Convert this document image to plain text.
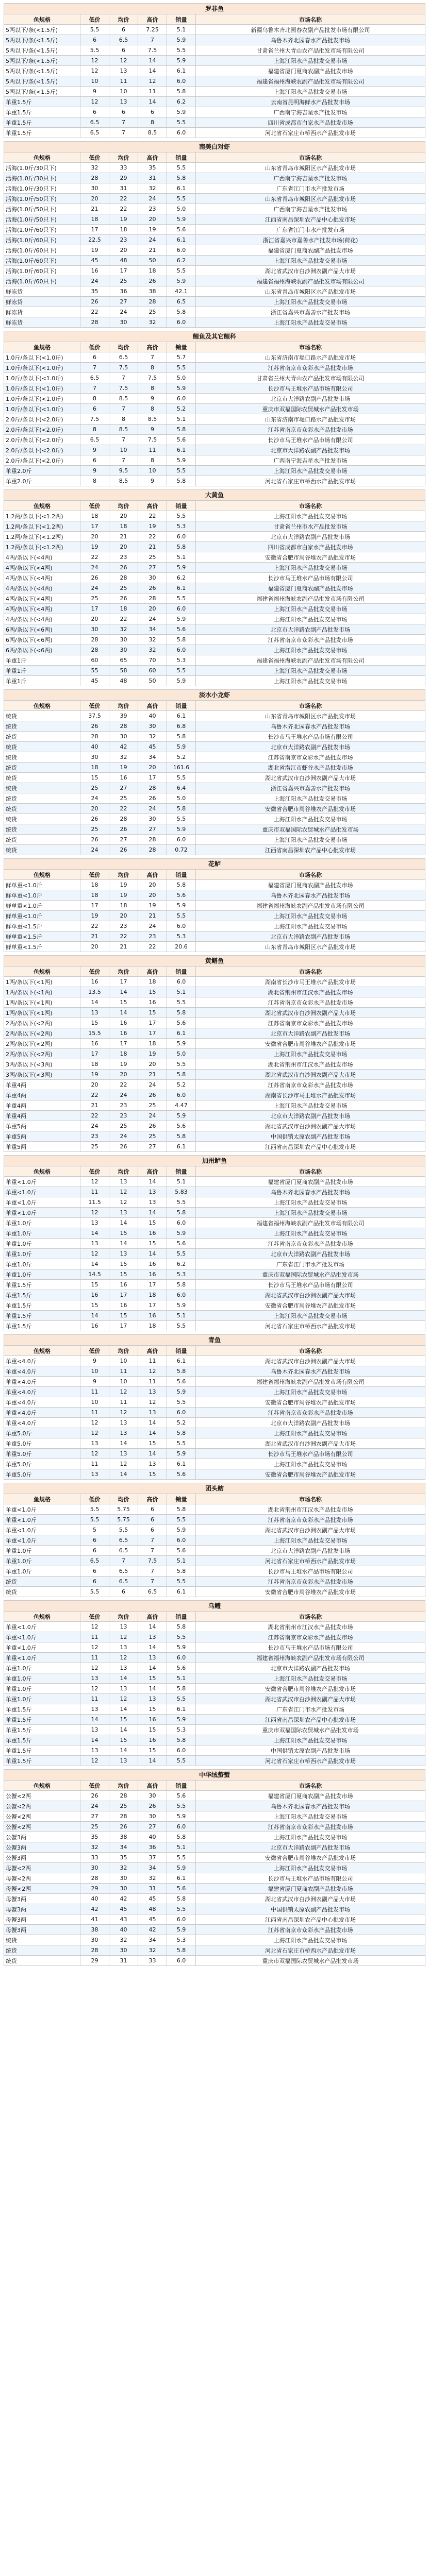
罗非鱼
鱼规格	低价	均价	高价	销量	市场名称
5两以下/条(<1.5斤)	5.5	6	7.25	5.1	新疆乌鲁木齐北园春农副产品批发市场有限公司
5两以下/条(<1.5斤)	6	6.5	7	5.9	乌鲁木齐北园春水产品批发市场
5两以下/条(<1.5斤)	5.5	6	7.5	5.5	甘肃省兰州大青山农产品批发市场有限公司
5两以下/条(<1.5斤)	12	12	14	5.9	上海江阳水产品批发交易市场
5两以下/条(<1.5斤)	12	13	14	6.1	福建省厦门夏商农副产品批发市场
5两以下/条(<1.5斤)	10	11	12	6.0	福建省福州海峡农副产品批发市场有限公司
5两以下/条(<1.5斤)	9	10	11	5.8	上海江阳水产品批发交易市场
单重1.5斤	12	13	14	6.2	云南省昆明海鲜水产品批发市场
单重1.5斤	6	6	6	5.9	广西南宁海吉星水产批发市场
单重1.5斤	6.5	7	8	5.5	四川省成都市白家水产品批发市场
单重1.5斤	6.5	7	8.5	6.0	河北省石家庄市桥西水产品批发市场
南美白对虾
鱼规格	低价	均价	高价	销量	市场名称
活海(1.0斤/30只下)	32	33	35	5.5	山东省青岛市城阳区水产品批发市场
活海(1.0斤/30只下)	28	29	31	5.8	广西南宁海吉星水产批发市场
活海(1.0斤/30只下)	30	31	32	6.1	广东省江门市水产批发市场
活海(1.0斤/50只下)	20	22	24	5.5	山东省青岛市城阳区水产品批发市场
活海(1.0斤/50只下)	21	22	23	5.0	广西南宁海吉星水产批发市场
活海(1.0斤/50只下)	18	19	20	5.9	江西省南昌深圳农产品中心批发市场
活海(1.0斤/60只下)	17	18	19	5.6	广东省江门市水产批发市场
活海(1.0斤/60只下)	22.5	23	24	6.1	浙江省嘉兴市嘉善水产批发市场(荷花)
活海(1.0斤/60只下)	19	20	21	6.0	福建省厦门夏商农副产品批发市场
活海(1.0斤/60只下)	45	48	50	6.2	上海江阳水产品批发交易市场
活海(1.0斤/60只下)	16	17	18	5.5	湖北省武汉市白沙洲农副产品大市场
活海(1.0斤/60只下)	24	25	26	5.9	福建省福州海峡农副产品批发市场有限公司
鲜冻货	35	36	38	42.1	山东省青岛市城阳区水产品批发市场
鲜冻货	26	27	28	6.5	上海江阳水产品批发交易市场
鲜冻货	22	24	25	5.8	浙江省嘉兴市嘉善水产批发市场
鲜冻货	28	30	32	6.0	上海江阳水产品批发交易市场
鲤鱼及其它鲤科
鱼规格	低价	均价	高价	销量	市场名称
1.0斤/条以下(<1.0斤)	6	6.5	7	5.7	山东省济南市堤口路水产品批发市场
1.0斤/条以下(<1.0斤)	7	7.5	8	5.5	江苏省南京市众彩水产品批发市场
1.0斤/条以下(<1.0斤)	6.5	7	7.5	5.0	甘肃省兰州大青山农产品批发市场有限公司
1.0斤/条以下(<1.0斤)	7	7.5	8	5.9	长沙市马王堆水产品市场有限公司
1.0斤/条以下(<1.0斤)	8	8.5	9	6.0	北京市大洋路农副产品批发市场
1.0斤/条以下(<1.0斤)	6	7	8	5.2	重庆市双福国际农贸城水产品批发市场
2.0斤/条以下(<2.0斤)	7.5	8	8.5	5.1	山东省济南市堤口路水产品批发市场
2.0斤/条以下(<2.0斤)	8	8.5	9	5.8	江苏省南京市众彩水产品批发市场
2.0斤/条以下(<2.0斤)	6.5	7	7.5	5.6	长沙市马王堆水产品市场有限公司
2.0斤/条以下(<2.0斤)	9	10	11	6.1	北京市大洋路农副产品批发市场
2.0斤/条以下(<2.0斤)	6	7	8	5.9	广西南宁海吉星水产批发市场
单重2.0斤	9	9.5	10	5.5	上海江阳水产品批发交易市场
单重2.0斤	8	8.5	9	5.8	河北省石家庄市桥西水产品批发市场
大黄鱼
鱼规格	低价	均价	高价	销量	市场名称
1.2两/条以下(<1.2两)	18	20	22	5.5	上海江阳水产品批发交易市场
1.2两/条以下(<1.2两)	17	18	19	5.3	甘肃省兰州市水产品批发市场
1.2两/条以下(<1.2两)	20	21	22	6.0	北京市大洋路农副产品批发市场
1.2两/条以下(<1.2两)	19	20	21	5.8	四川省成都市白家水产品批发市场
4两/条以下(<4两)	22	23	25	5.1	安徽省合肥市周谷堆农产品批发市场
4两/条以下(<4两)	24	26	27	5.9	上海江阳水产品批发交易市场
4两/条以下(<4两)	26	28	30	6.2	长沙市马王堆水产品市场有限公司
4两/条以下(<4两)	24	25	26	6.1	福建省厦门夏商农副产品批发市场
4两/条以下(<4两)	25	26	28	5.5	福建省福州海峡农副产品批发市场有限公司
4两/条以下(<4两)	17	18	20	6.0	上海江阳水产品批发交易市场
4两/条以下(<4两)	20	22	24	5.9	上海江阳水产品批发交易市场
6两/条以下(<6两)	30	32	34	5.6	北京市大洋路农副产品批发市场
6两/条以下(<6两)	28	30	32	5.8	江苏省南京市众彩水产品批发市场
6两/条以下(<6两)	28	30	32	6.0	上海江阳水产品批发交易市场
单重1斤	60	65	70	5.3	福建省福州海峡农副产品批发市场有限公司
单重1斤	55	58	60	5.5	上海江阳水产品批发交易市场
单重1斤	45	48	50	5.9	上海江阳水产品批发交易市场
淡水小龙虾
鱼规格	低价	均价	高价	销量	市场名称
统货	37.5	39	40	6.1	山东省青岛市城阳区水产品批发市场
统货	26	28	30	6.8	乌鲁木齐北园春水产品批发市场
统货	28	30	32	5.8	长沙市马王堆水产品市场有限公司
统货	40	42	45	5.9	北京市大洋路农副产品批发市场
统货	30	32	34	5.2	江苏省南京市众彩水产品批发市场
统货	18	19	20	161.6	湖北省潜江市虾谷水产品批发市场
统货	15	16	17	5.5	湖北省武汉市白沙洲农副产品大市场
统货	25	27	28	6.4	浙江省嘉兴市嘉善水产批发市场
统货	24	25	26	5.0	上海江阳水产品批发交易市场
统货	20	22	24	5.8	安徽省合肥市周谷堆农产品批发市场
统货	26	28	30	5.5	上海江阳水产品批发交易市场
统货	25	26	27	5.9	重庆市双福国际农贸城水产品批发市场
统货	26	27	28	6.0	上海江阳水产品批发交易市场
统货	24	26	28	0.72	江西省南昌深圳农产品中心批发市场
花鲈
鱼规格	低价	均价	高价	销量	市场名称
鲜单重<1.0斤	18	19	20	5.8	福建省厦门夏商农副产品批发市场
鲜单重<1.0斤	18	19	20	5.6	乌鲁木齐北园春水产品批发市场
鲜单重<1.0斤	17	18	19	5.9	福建省福州海峡农副产品批发市场有限公司
鲜单重<1.0斤	19	20	21	5.5	上海江阳水产品批发交易市场
鲜单重<1.5斤	22	23	24	6.0	上海江阳水产品批发交易市场
鲜单重<1.5斤	21	22	23	5.3	北京市大洋路农副产品批发市场
鲜单重<1.5斤	20	21	22	20.6	山东省青岛市城阳区水产品批发市场
黄鳝鱼
鱼规格	低价	均价	高价	销量	市场名称
1两/条以下(<1两)	16	17	18	6.0	湖南省长沙市马王堆水产品批发市场
1两/条以下(<1两)	13.5	14	15	5.1	湖北省荆州市江汉水产品批发市场
1两/条以下(<1两)	14	15	16	5.5	江苏省南京市众彩水产品批发市场
1两/条以下(<1两)	13	14	15	5.8	湖北省武汉市白沙洲农副产品大市场
2两/条以下(<2两)	15	16	17	5.6	江苏省南京市众彩水产品批发市场
2两/条以下(<2两)	15.5	16	17	6.1	北京市大洋路农副产品批发市场
2两/条以下(<2两)	16	17	18	5.9	安徽省合肥市周谷堆农产品批发市场
2两/条以下(<2两)	17	18	19	5.0	上海江阳水产品批发交易市场
3两/条以下(<3两)	18	19	20	5.5	湖北省荆州市江汉水产品批发市场
3两/条以下(<3两)	19	20	21	5.8	湖北省武汉市白沙洲农副产品大市场
单重4两	20	22	24	5.2	江苏省南京市众彩水产品批发市场
单重4两	22	24	26	6.0	湖南省长沙市马王堆水产品批发市场
单重4两	21	23	25	4.47	上海江阳水产品批发交易市场
单重4两	22	23	24	5.9	北京市大洋路农副产品批发市场
单重5两	24	25	26	5.6	湖北省武汉市白沙洲农副产品大市场
单重5两	23	24	25	5.8	中国供销太原农副产品批发市场
单重5两	25	26	27	6.1	江西省南昌深圳农产品中心批发市场
加州鲈鱼
鱼规格	低价	均价	高价	销量	市场名称
单重<1.0斤	12	13	14	5.1	福建省厦门夏商农副产品批发市场
单重<1.0斤	11	12	13	5.83	乌鲁木齐北园春水产品批发市场
单重<1.0斤	11.5	12	13	5.5	上海江阳水产品批发交易市场
单重<1.0斤	12	13	14	5.8	上海江阳水产品批发交易市场
单重1.0斤	13	14	15	6.0	福建省福州海峡农副产品批发市场有限公司
单重1.0斤	14	15	16	5.9	上海江阳水产品批发交易市场
单重1.0斤	13	14	15	5.6	江苏省南京市众彩水产品批发市场
单重1.0斤	12	13	14	5.5	北京市大洋路农副产品批发市场
单重1.0斤	14	15	16	6.2	广东省江门市水产批发市场
单重1.0斤	14.5	15	16	5.3	重庆市双福国际农贸城水产品批发市场
单重1.5斤	15	16	17	5.8	长沙市马王堆水产品市场有限公司
单重1.5斤	16	17	18	6.0	湖北省武汉市白沙洲农副产品大市场
单重1.5斤	15	16	17	5.9	安徽省合肥市周谷堆农产品批发市场
单重1.5斤	14	15	16	5.1	上海江阳水产品批发交易市场
单重1.5斤	16	17	18	5.5	河北省石家庄市桥西水产品批发市场
青鱼
鱼规格	低价	均价	高价	销量	市场名称
单重<4.0斤	9	10	11	6.1	湖北省武汉市白沙洲农副产品大市场
单重<4.0斤	10	11	12	5.8	乌鲁木齐北园春水产品批发市场
单重<4.0斤	9	10	11	5.6	福建省福州海峡农副产品批发市场有限公司
单重<4.0斤	11	12	13	5.9	上海江阳水产品批发交易市场
单重<4.0斤	10	11	12	5.5	安徽省合肥市周谷堆农产品批发市场
单重<4.0斤	11	12	13	6.0	江苏省南京市众彩水产品批发市场
单重<4.0斤	12	13	14	5.2	北京市大洋路农副产品批发市场
单重5.0斤	12	13	14	5.8	上海江阳水产品批发交易市场
单重5.0斤	13	14	15	5.5	湖北省武汉市白沙洲农副产品大市场
单重5.0斤	12	13	14	5.9	长沙市马王堆水产品市场有限公司
单重5.0斤	11	12	13	6.1	上海江阳水产品批发交易市场
单重5.0斤	13	14	15	5.6	安徽省合肥市周谷堆农产品批发市场
团头鲂
鱼规格	低价	均价	高价	销量	市场名称
单重<1.0斤	5.5	5.75	6	5.8	湖北省荆州市江汉水产品批发市场
单重<1.0斤	5.5	5.75	6	5.5	江苏省南京市众彩水产品批发市场
单重<1.0斤	5	5.5	6	5.9	湖北省武汉市白沙洲农副产品大市场
单重<1.0斤	6	6.5	7	6.0	上海江阳水产品批发交易市场
单重1.0斤	6	6.5	7	5.6	北京市大洋路农副产品批发市场
单重1.0斤	6.5	7	7.5	5.1	河北省石家庄市桥西水产品批发市场
单重1.0斤	6	6.5	7	5.8	长沙市马王堆水产品市场有限公司
统货	6	6.5	7	5.5	江苏省南京市众彩水产品批发市场
统货	5.5	6	6.5	6.1	安徽省合肥市周谷堆农产品批发市场
乌鳢
鱼规格	低价	均价	高价	销量	市场名称
单重<1.0斤	12	13	14	5.8	湖北省荆州市江汉水产品批发市场
单重<1.0斤	11	12	13	5.5	江苏省南京市众彩水产品批发市场
单重<1.0斤	12	13	14	5.9	长沙市马王堆水产品市场有限公司
单重<1.0斤	11	12	13	6.0	福建省福州海峡农副产品批发市场有限公司
单重1.0斤	12	13	14	5.6	北京市大洋路农副产品批发市场
单重1.0斤	13	14	15	5.1	上海江阳水产品批发交易市场
单重1.0斤	12	13	14	5.8	安徽省合肥市周谷堆农产品批发市场
单重1.0斤	11	12	13	5.5	湖北省武汉市白沙洲农副产品大市场
单重1.5斤	13	14	15	6.1	广东省江门市水产批发市场
单重1.5斤	14	15	16	5.9	江西省南昌深圳农产品中心批发市场
单重1.5斤	13	14	15	5.3	重庆市双福国际农贸城水产品批发市场
单重1.5斤	14	15	16	5.8	上海江阳水产品批发交易市场
单重1.5斤	13	14	15	6.0	中国供销太原农副产品批发市场
单重1.5斤	12	13	14	5.5	河北省石家庄市桥西水产品批发市场
中华绒螯蟹
鱼规格	低价	均价	高价	销量	市场名称
公蟹<2两	26	28	30	5.6	福建省厦门夏商农副产品批发市场
公蟹<2两	24	25	26	5.5	乌鲁木齐北园春水产品批发市场
公蟹<2两	27	28	30	5.9	上海江阳水产品批发交易市场
公蟹<2两	25	26	27	6.0	江苏省南京市众彩水产品批发市场
公蟹3两	35	38	40	5.8	上海江阳水产品批发交易市场
公蟹3两	32	34	36	5.1	北京市大洋路农副产品批发市场
公蟹3两	33	35	37	5.5	安徽省合肥市周谷堆农产品批发市场
母蟹<2两	30	32	34	5.9	上海江阳水产品批发交易市场
母蟹<2两	28	30	32	6.1	长沙市马王堆水产品市场有限公司
母蟹<2两	29	30	31	5.6	福建省厦门夏商农副产品批发市场
母蟹3两	40	42	45	5.8	湖北省武汉市白沙洲农副产品大市场
母蟹3两	42	45	48	5.5	中国供销太原农副产品批发市场
母蟹3两	41	43	45	6.0	江西省南昌深圳农产品中心批发市场
母蟹3两	38	40	42	5.9	江苏省南京市众彩水产品批发市场
统货	30	32	34	5.3	上海江阳水产品批发交易市场
统货	28	30	32	5.8	河北省石家庄市桥西水产品批发市场
统货	29	31	33	6.0	重庆市双福国际农贸城水产品批发市场
